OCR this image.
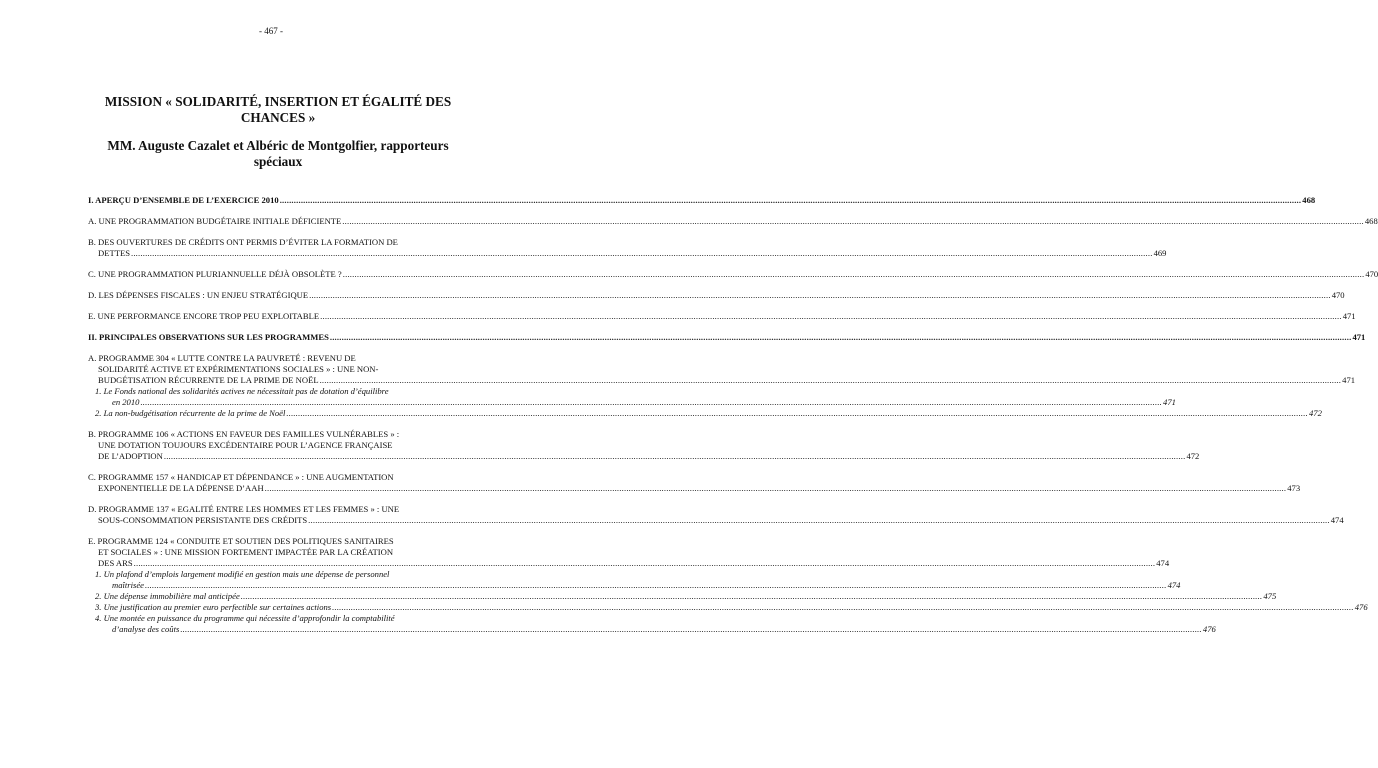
- 467 -
MISSION « SOLIDARITÉ, INSERTION ET ÉGALITÉ DES
CHANCES »
MM. Auguste Cazalet et Albéric de Montgolfier, rapporteurs
spéciaux
I. APERÇU D’ENSEMBLE DE L’EXERCICE 2010 .....	468
A. UNE PROGRAMMATION BUDGÉTAIRE INITIALE DÉFICIENTE .....	468
B. DES OUVERTURES DE CRÉDITS ONT PERMIS D’ÉVITER LA FORMATION DE
DETTES .....	469
C. UNE PROGRAMMATION PLURIANNUELLE DÉJÀ OBSOLÈTE ? .....	470
D. LES DÉPENSES FISCALES : UN ENJEU STRATÉGIQUE .....	470
E. UNE PERFORMANCE ENCORE TROP PEU EXPLOITABLE .....	471
II. PRINCIPALES OBSERVATIONS SUR LES PROGRAMMES .....	471
A. PROGRAMME 304 « LUTTE CONTRE LA PAUVRETÉ : REVENU DE
SOLIDARITÉ ACTIVE ET EXPÉRIMENTATIONS SOCIALES » : UNE NON-
BUDGÉTISATION RÉCURRENTE DE LA PRIME DE NOËL .....	471
1. Le Fonds national des solidarités actives ne nécessitait pas de dotation d’équilibre
en 2010 .....	471
2. La non-budgétisation récurrente de la prime de Noël .....	472
B. PROGRAMME 106 « ACTIONS EN FAVEUR DES FAMILLES VULNÉRABLES » :
UNE DOTATION TOUJOURS EXCÉDENTAIRE POUR L’AGENCE FRANÇAISE
DE L’ADOPTION .....	472
C. PROGRAMME 157 « HANDICAP ET DÉPENDANCE » : UNE AUGMENTATION
EXPONENTIELLE DE LA DÉPENSE D’AAH .....	473
D. PROGRAMME 137 « EGALITÉ ENTRE LES HOMMES ET LES FEMMES » : UNE
SOUS-CONSOMMATION PERSISTANTE DES CRÉDITS .....	474
E. PROGRAMME 124 « CONDUITE ET SOUTIEN DES POLITIQUES SANITAIRES
ET SOCIALES » : UNE MISSION FORTEMENT IMPACTÉE PAR LA CRÉATION
DES ARS .....	474
1. Un plafond d’emplois largement modifié en gestion mais une dépense de personnel
maîtrisée .....	474
2. Une dépense immobilière mal anticipée .....	475
3. Une justification au premier euro perfectible sur certaines actions .....	476
4. Une montée en puissance du programme qui nécessite d’approfondir la comptabilité
d’analyse des coûts .....	476
